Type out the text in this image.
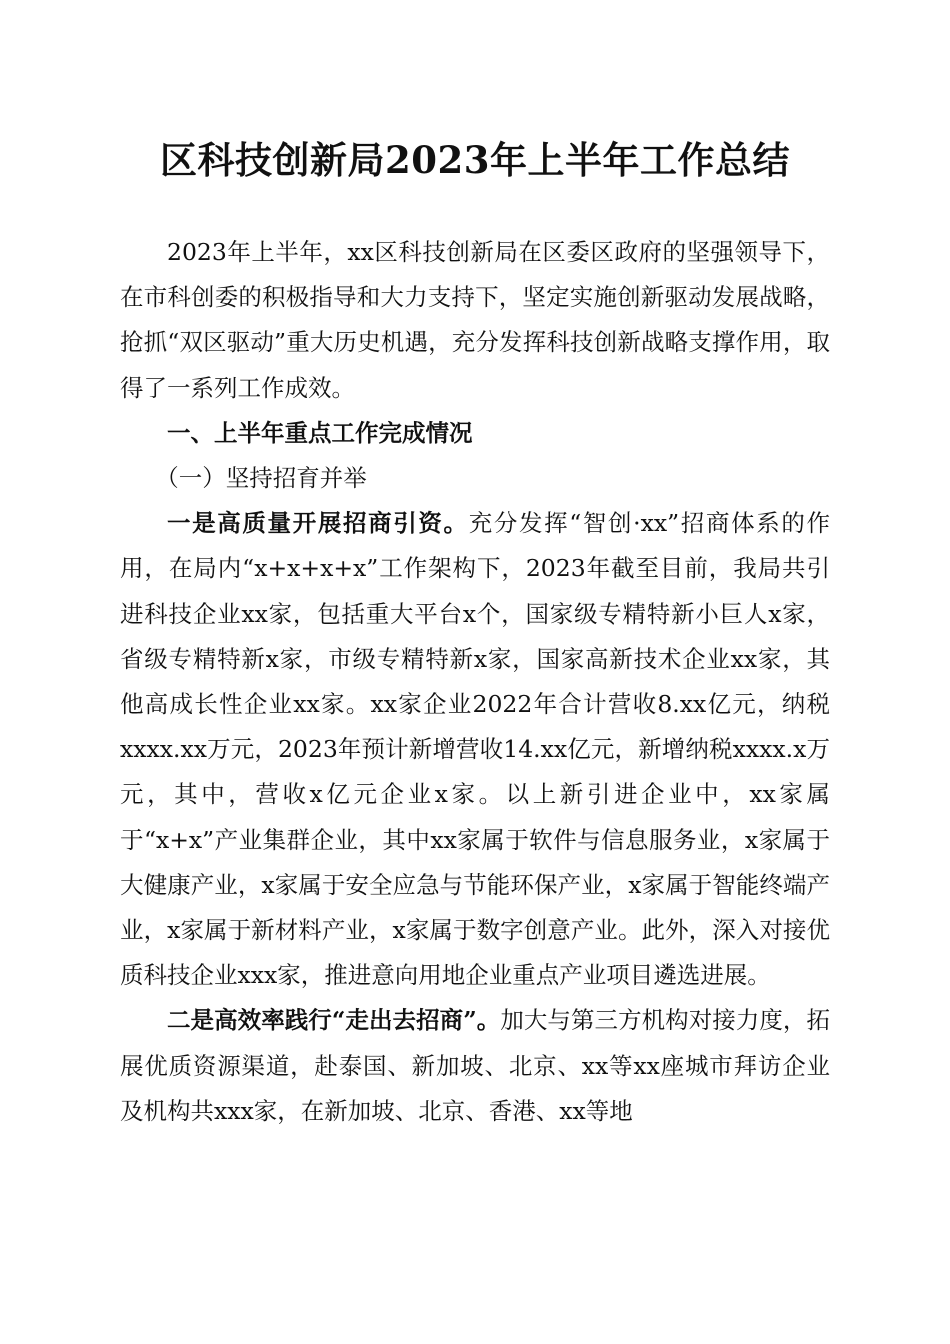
区科技创新局2023年上半年工作总结

2023年上半年，xx区科技创新局在区委区政府的坚强领导下，在市科创委的积极指导和大力支持下，坚定实施创新驱动发展战略，抢抓“双区驱动”重大历史机遇，充分发挥科技创新战略支撑作用，取得了一系列工作成效。

一、上半年重点工作完成情况

（一）坚持招育并举

一是高质量开展招商引资。充分发挥“智创·xx”招商体系的作用，在局内“x+x+x+x”工作架构下，2023年截至目前，我局共引进科技企业xx家，包括重大平台x个，国家级专精特新小巨人x家，省级专精特新x家，市级专精特新x家，国家高新技术企业xx家，其他高成长性企业xx家。xx家企业2022年合计营收8.xx亿元，纳税xxxx.xx万元，2023年预计新增营收14.xx亿元，新增纳税xxxx.x万元，其中，营收x亿元企业x家。以上新引进企业中，xx家属于“x+x”产业集群企业，其中xx家属于软件与信息服务业，x家属于大健康产业，x家属于安全应急与节能环保产业，x家属于智能终端产业，x家属于新材料产业，x家属于数字创意产业。此外，深入对接优质科技企业xxx家，推进意向用地企业重点产业项目遴选进展。

二是高效率践行“走出去招商”。加大与第三方机构对接力度，拓展优质资源渠道，赴泰国、新加坡、北京、xx等xx座城市拜访企业及机构共xxx家，在新加坡、北京、香港、xx等地
